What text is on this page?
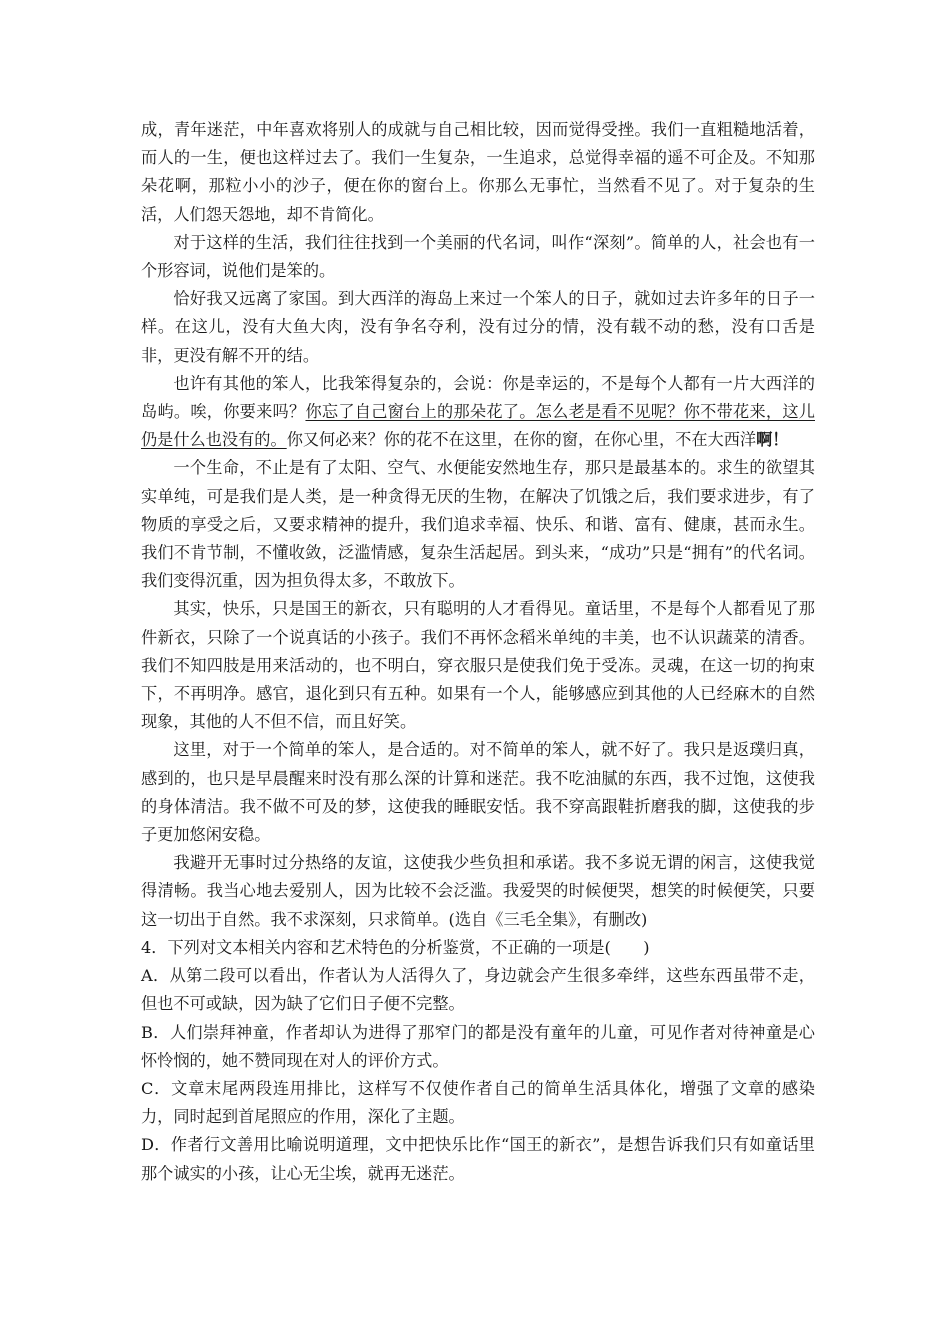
成，青年迷茫，中年喜欢将别人的成就与自己相比较，因而觉得受挫。我们一直粗糙地活着，而人的一生，便也这样过去了。我们一生复杂，一生追求，总觉得幸福的遥不可企及。不知那朵花啊，那粒小小的沙子，便在你的窗台上。你那么无事忙，当然看不见了。对于复杂的生活，人们怨天怨地，却不肯简化。

对于这样的生活，我们往往找到一个美丽的代名词，叫作“深刻”。简单的人，社会也有一个形容词，说他们是笨的。

恰好我又远离了家国。到大西洋的海岛上来过一个笨人的日子，就如过去许多年的日子一样。在这儿，没有大鱼大肉，没有争名夺利，没有过分的情，没有载不动的愁，没有口舌是非，更没有解不开的结。

也许有其他的笨人，比我笨得复杂的，会说：你是幸运的，不是每个人都有一片大西洋的岛屿。唉，你要来吗？你忘了自己窗台上的那朵花了。怎么老是看不见呢？你不带花来，这儿仍是什么也没有的。你又何必来？你的花不在这里，在你的窗，在你心里，不在大西洋啊！

一个生命，不止是有了太阳、空气、水便能安然地生存，那只是最基本的。求生的欲望其实单纯，可是我们是人类，是一种贪得无厌的生物，在解决了饥饿之后，我们要求进步，有了物质的享受之后，又要求精神的提升，我们追求幸福、快乐、和谐、富有、健康，甚而永生。我们不肯节制，不懂收敛，泛滥情感，复杂生活起居。到头来，“成功”只是“拥有”的代名词。我们变得沉重，因为担负得太多，不敢放下。

其实，快乐，只是国王的新衣，只有聪明的人才看得见。童话里，不是每个人都看见了那件新衣，只除了一个说真话的小孩子。我们不再怀念稻米单纯的丰美，也不认识蔬菜的清香。我们不知四肢是用来活动的，也不明白，穿衣服只是使我们免于受冻。灵魂，在这一切的拘束下，不再明净。感官，退化到只有五种。如果有一个人，能够感应到其他的人已经麻木的自然现象，其他的人不但不信，而且好笑。

这里，对于一个简单的笨人，是合适的。对不简单的笨人，就不好了。我只是返璞归真，感到的，也只是早晨醒来时没有那么深的计算和迷茫。我不吃油腻的东西，我不过饱，这使我的身体清洁。我不做不可及的梦，这使我的睡眠安恬。我不穿高跟鞋折磨我的脚，这使我的步子更加悠闲安稳。

我避开无事时过分热络的友谊，这使我少些负担和承诺。我不多说无谓的闲言，这使我觉得清畅。我当心地去爱别人，因为比较不会泛滥。我爱哭的时候便哭，想笑的时候便笑，只要这一切出于自然。我不求深刻，只求简单。(选自《三毛全集》，有删改)

4．下列对文本相关内容和艺术特色的分析鉴赏，不正确的一项是(　　)

A．从第二段可以看出，作者认为人活得久了，身边就会产生很多牵绊，这些东西虽带不走，但也不可或缺，因为缺了它们日子便不完整。

B．人们崇拜神童，作者却认为进得了那窄门的都是没有童年的儿童，可见作者对待神童是心怀怜悯的，她不赞同现在对人的评价方式。

C．文章末尾两段连用排比，这样写不仅使作者自己的简单生活具体化，增强了文章的感染力，同时起到首尾照应的作用，深化了主题。

D．作者行文善用比喻说明道理，文中把快乐比作“国王的新衣”，是想告诉我们只有如童话里那个诚实的小孩，让心无尘埃，就再无迷茫。
